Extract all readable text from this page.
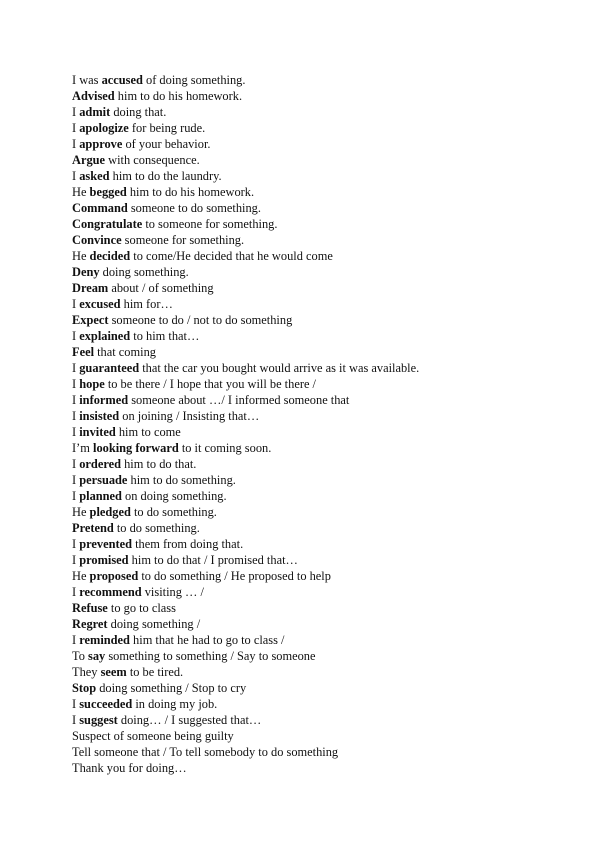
I was accused of doing something.
Advised him to do his homework.
I admit doing that.
I apologize for being rude.
I approve of your behavior.
Argue with consequence.
I asked him to do the laundry.
He begged him to do his homework.
Command someone to do something.
Congratulate to someone for something.
Convince someone for something.
He decided to come/He decided that he would come
Deny doing something.
Dream about / of something
I excused him for…
Expect someone to do / not to do something
I explained to him that…
Feel that coming
I guaranteed that the car you bought would arrive as it was available.
I hope to be there / I hope that you will be there /
I informed someone about …/ I informed someone that
I insisted on joining / Insisting that…
I invited him to come
I’m looking forward to it coming soon.
I ordered him to do that.
I persuade him to do something.
I planned on doing something.
He pledged to do something.
Pretend to do something.
I prevented them from doing that.
I promised him to do that / I promised that…
He proposed to do something / He proposed to help
I recommend visiting … /
Refuse to go to class
Regret doing something /
I reminded him that he had to go to class /
To say something to something / Say to someone
They seem to be tired.
Stop doing something / Stop to cry
I succeeded in doing my job.
I suggest doing… / I suggested that…
Suspect of someone being guilty
Tell someone that / To tell somebody to do something
Thank you for doing…
